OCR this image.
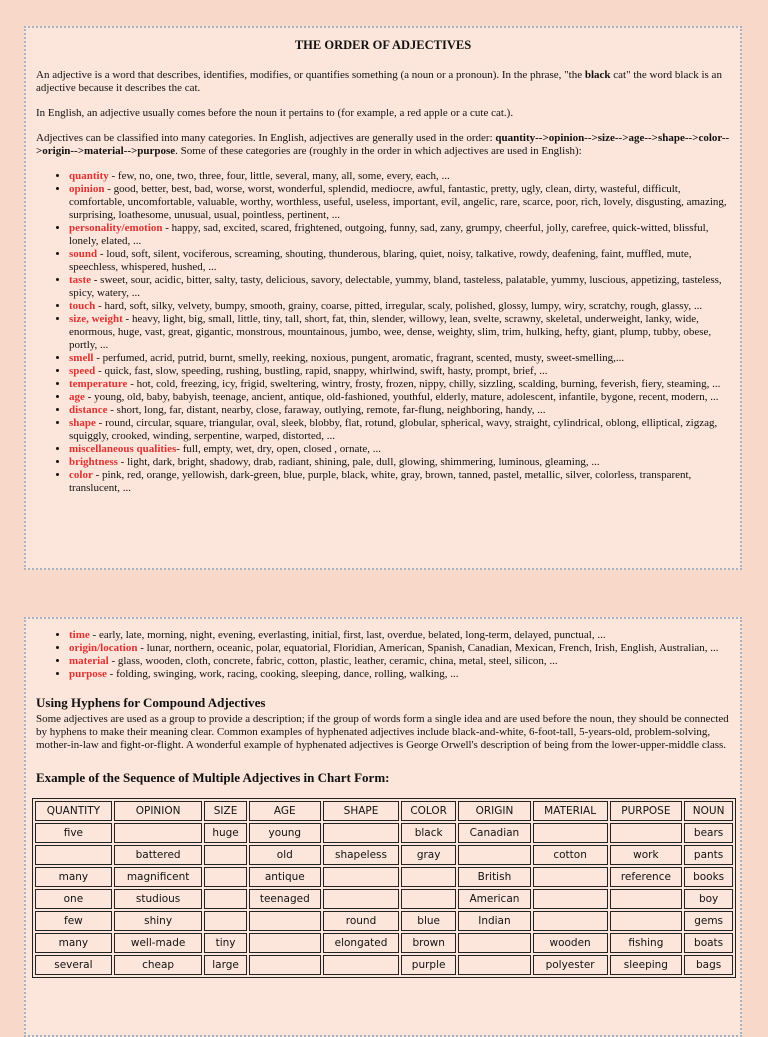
THE ORDER OF ADJECTIVES

An adjective is a word that describes, identifies, modifies, or quantifies something (a noun or a pronoun). In the phrase, "the black cat" the word black is an adjective because it describes the cat.

In English, an adjective usually comes before the noun it pertains to (for example, a red apple or a cute cat.).

Adjectives can be classified into many categories. In English, adjectives are generally used in the order: quantity-->opinion-->size-->age-->shape-->color-->origin-->material-->purpose. Some of these categories are (roughly in the order in which adjectives are used in English):

• quantity - few, no, one, two, three, four, little, several, many, all, some, every, each, ...
• opinion - good, better, best, bad, worse, worst, wonderful, splendid, mediocre, awful, fantastic, pretty, ugly, clean, dirty, wasteful, difficult, comfortable, uncomfortable, valuable, worthy, worthless, useful, useless, important, evil, angelic, rare, scarce, poor, rich, lovely, disgusting, amazing, surprising, loathesome, unusual, usual, pointless, pertinent, ...
• personality/emotion - happy, sad, excited, scared, frightened, outgoing, funny, sad, zany, grumpy, cheerful, jolly, carefree, quick-witted, blissful, lonely, elated, ...
• sound - loud, soft, silent, vociferous, screaming, shouting, thunderous, blaring, quiet, noisy, talkative, rowdy, deafening, faint, muffled, mute, speechless, whispered, hushed, ...
• taste - sweet, sour, acidic, bitter, salty, tasty, delicious, savory, delectable, yummy, bland, tasteless, palatable, yummy, luscious, appetizing, tasteless, spicy, watery, ...
• touch - hard, soft, silky, velvety, bumpy, smooth, grainy, coarse, pitted, irregular, scaly, polished, glossy, lumpy, wiry, scratchy, rough, glassy, ...
• size, weight - heavy, light, big, small, little, tiny, tall, short, fat, thin, slender, willowy, lean, svelte, scrawny, skeletal, underweight, lanky, wide, enormous, huge, vast, great, gigantic, monstrous, mountainous, jumbo, wee, dense, weighty, slim, trim, hulking, hefty, giant, plump, tubby, obese, portly, ...
• smell - perfumed, acrid, putrid, burnt, smelly, reeking, noxious, pungent, aromatic, fragrant, scented, musty, sweet-smelling,...
• speed - quick, fast, slow, speeding, rushing, bustling, rapid, snappy, whirlwind, swift, hasty, prompt, brief, ...
• temperature - hot, cold, freezing, icy, frigid, sweltering, wintry, frosty, frozen, nippy, chilly, sizzling, scalding, burning, feverish, fiery, steaming, ...
• age - young, old, baby, babyish, teenage, ancient, antique, old-fashioned, youthful, elderly, mature, adolescent, infantile, bygone, recent, modern, ...
• distance - short, long, far, distant, nearby, close, faraway, outlying, remote, far-flung, neighboring, handy, ...
• shape - round, circular, square, triangular, oval, sleek, blobby, flat, rotund, globular, spherical, wavy, straight, cylindrical, oblong, elliptical, zigzag, squiggly, crooked, winding, serpentine, warped, distorted, ...
• miscellaneous qualities- full, empty, wet, dry, open, closed , ornate, ...
• brightness - light, dark, bright, shadowy, drab, radiant, shining, pale, dull, glowing, shimmering, luminous, gleaming, ...
• color - pink, red, orange, yellowish, dark-green, blue, purple, black, white, gray, brown, tanned, pastel, metallic, silver, colorless, transparent, translucent, ...
• time - early, late, morning, night, evening, everlasting, initial, first, last, overdue, belated, long-term, delayed, punctual, ...
• origin/location - lunar, northern, oceanic, polar, equatorial, Floridian, American, Spanish, Canadian, Mexican, French, Irish, English, Australian, ...
• material - glass, wooden, cloth, concrete, fabric, cotton, plastic, leather, ceramic, china, metal, steel, silicon, ...
• purpose - folding, swinging, work, racing, cooking, sleeping, dance, rolling, walking, ...
Using Hyphens for Compound Adjectives

Some adjectives are used as a group to provide a description; if the group of words form a single idea and are used before the noun, they should be connected by hyphens to make their meaning clear. Common examples of hyphenated adjectives include black-and-white, 6-foot-tall, 5-years-old, problem-solving, mother-in-law and fight-or-flight. A wonderful example of hyphenated adjectives is George Orwell's description of being from the lower-upper-middle class.

Example of the Sequence of Multiple Adjectives in Chart Form:
QUANTITY	OPINION	SIZE	AGE	SHAPE	COLOR	ORIGIN	MATERIAL	PURPOSE	NOUN
five		huge	young		black	Canadian			bears
	battered		old	shapeless	gray		cotton	work	pants
many	magnificent		antique			British		reference	books
one	studious		teenaged			American			boy
few	shiny			round	blue	Indian			gems
many	well-made	tiny		elongated	brown		wooden	fishing	boats
several	cheap	large			purple		polyester	sleeping	bags
